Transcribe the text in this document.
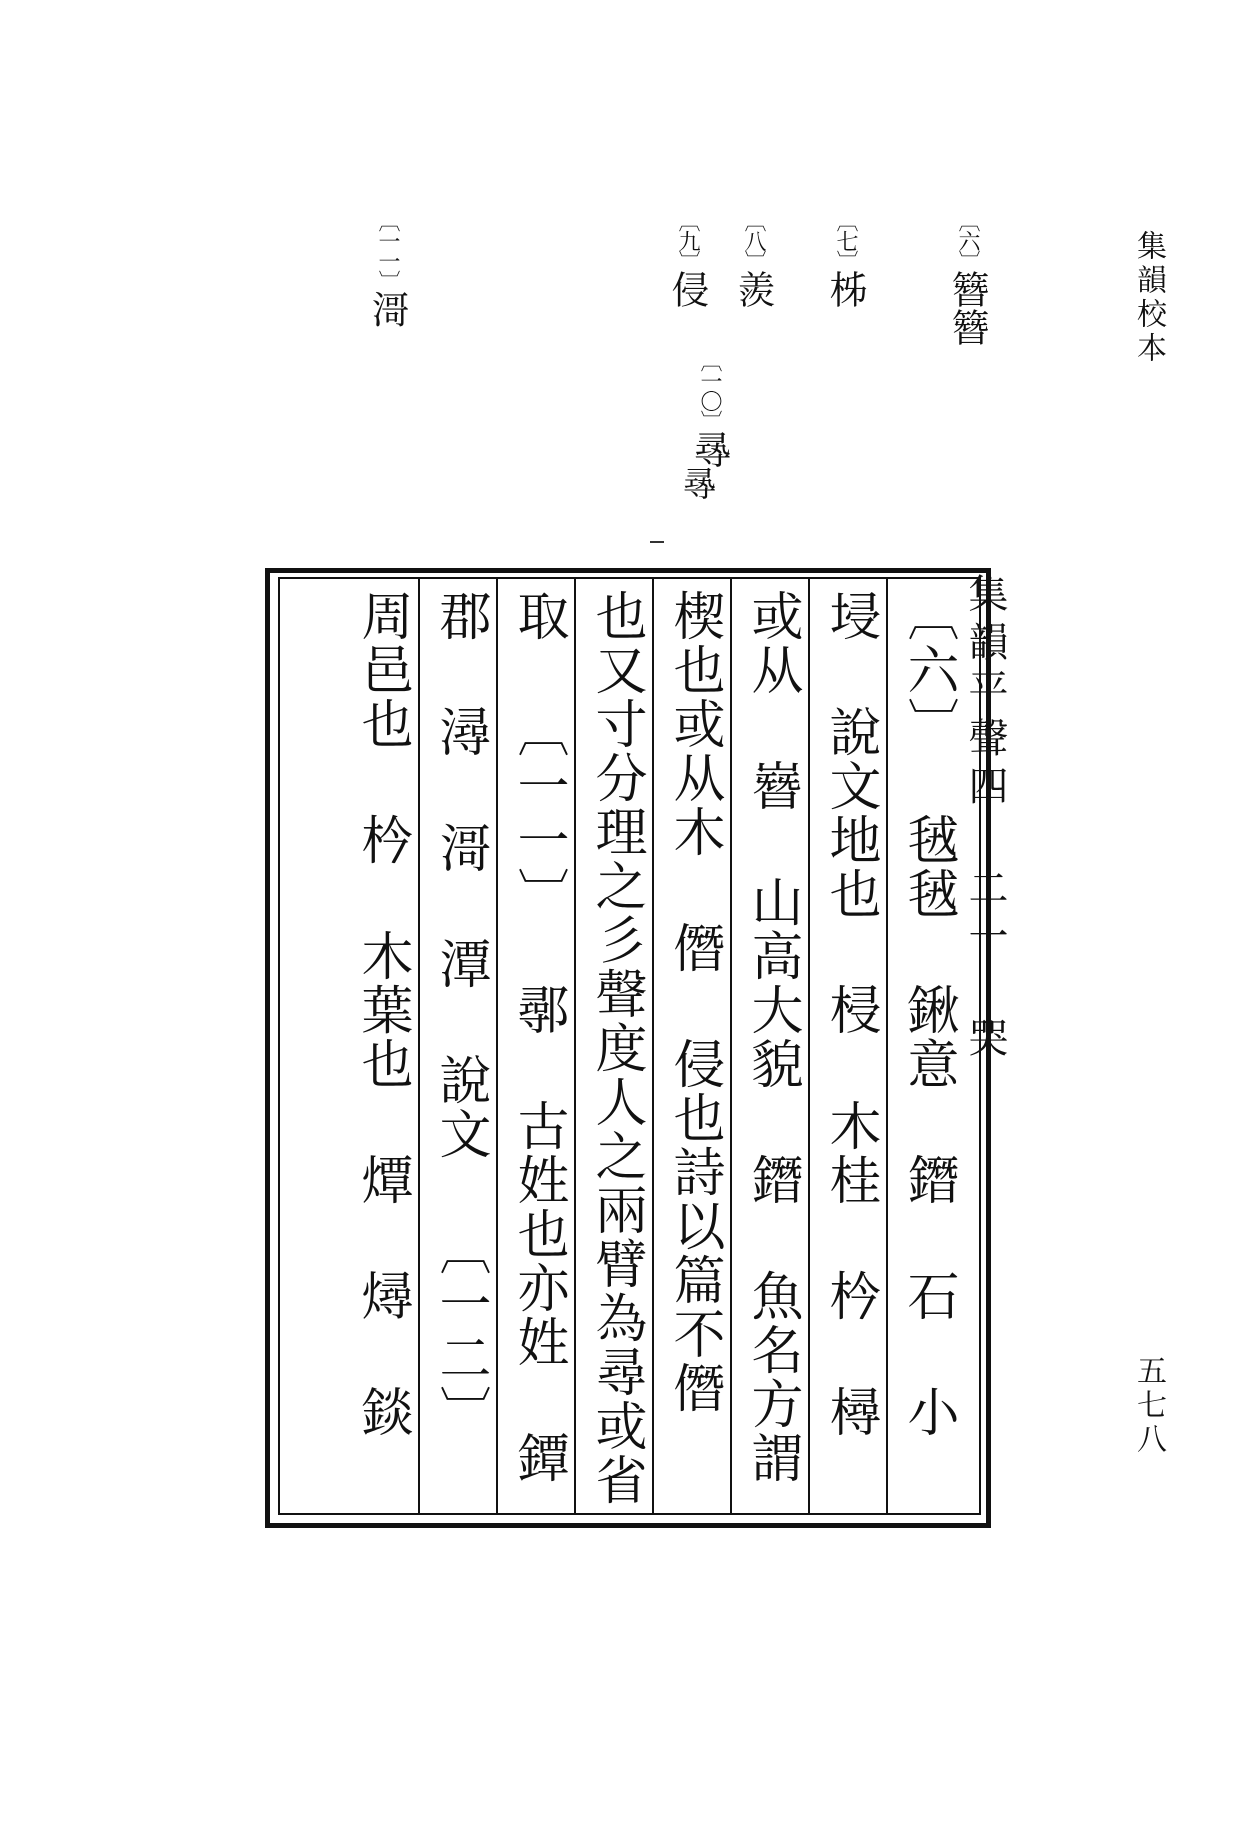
集韻校本
五七八
〔六〕簪簪
〔七〕柹
〔八〕羨
〔九〕侵
〔一〇〕㝷
㝷
〔一一〕滒
集韻平聲四 二一 哭
〔六〕 毧毧 鍬意 鐕 石 小
埐 說文地也 梫 木桂 枔 樳
或从 嶜 山高大貌 鐕 魚名方謂
楔也或从木 僭 侵也詩以篇不僭
也又寸分理之彡聲度人之兩臂為尋或省
取 〔一一〕 鄩 古姓也亦姓 鐔
郡 潯 滒 潭 說文 〔一二〕
周邑也 枔 木葉也 燂 燖 錟
